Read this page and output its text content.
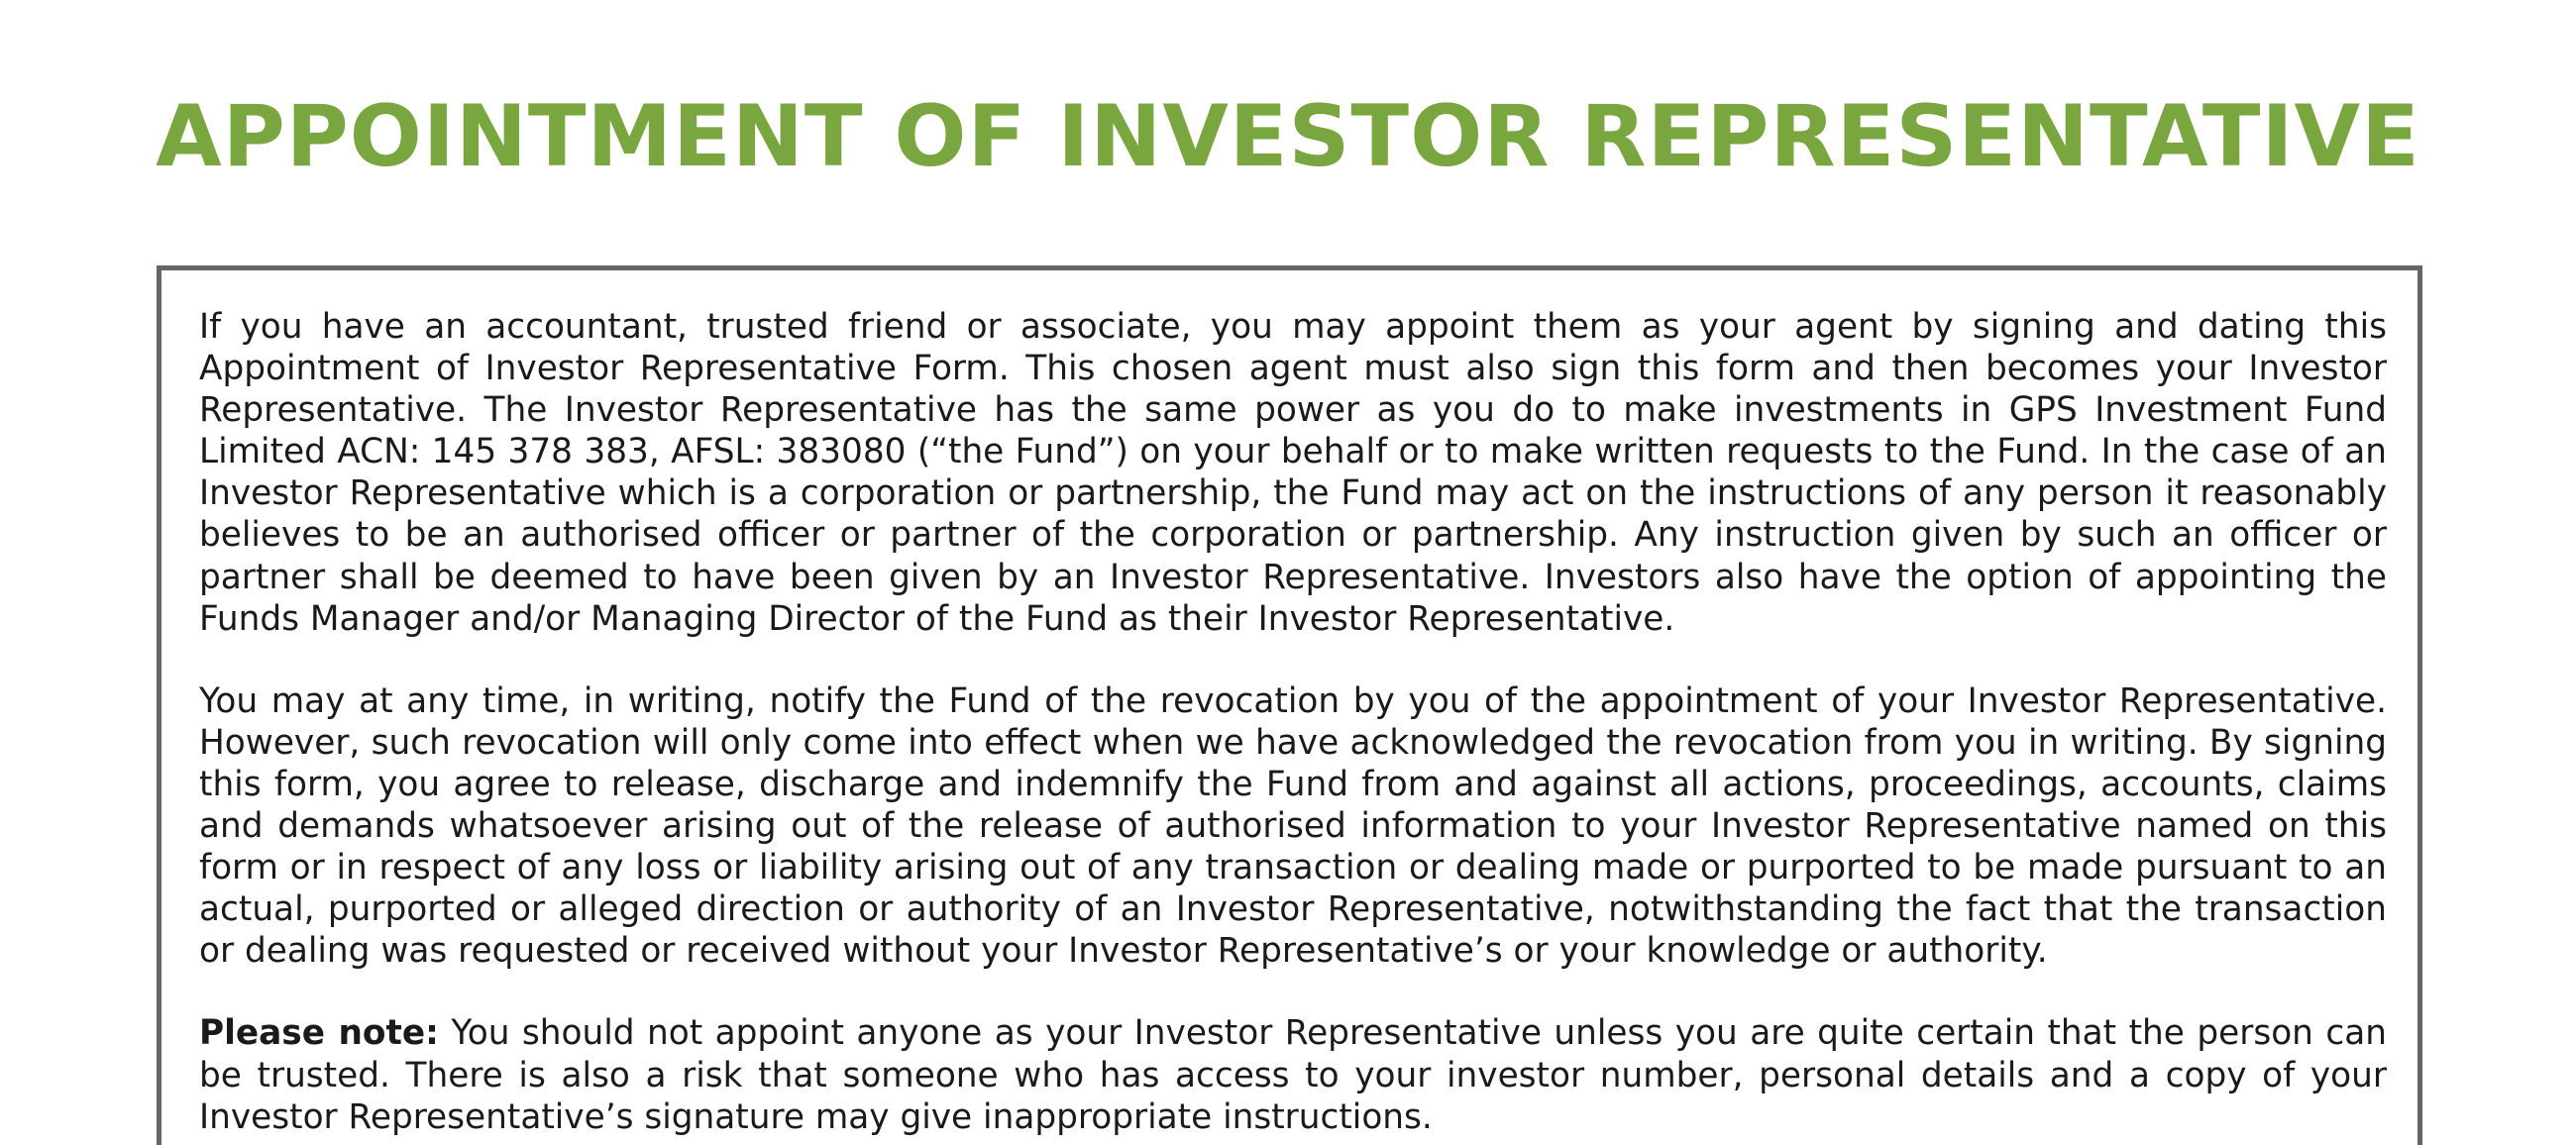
APPOINTMENT OF INVESTOR REPRESENTATIVE

If you have an accountant, trusted friend or associate, you may appoint them as your agent by signing and dating this Appointment of Investor Representative Form. This chosen agent must also sign this form and then becomes your Investor Representative. The Investor Representative has the same power as you do to make investments in GPS Investment Fund Limited ACN: 145 378 383, AFSL: 383080 (“the Fund”) on your behalf or to make written requests to the Fund. In the case of an Investor Representative which is a corporation or partnership, the Fund may act on the instructions of any person it reasonably believes to be an authorised officer or partner of the corporation or partnership. Any instruction given by such an officer or partner shall be deemed to have been given by an Investor Representative. Investors also have the option of appointing the Funds Manager and/or Managing Director of the Fund as their Investor Representative.

You may at any time, in writing, notify the Fund of the revocation by you of the appointment of your Investor Representative. However, such revocation will only come into effect when we have acknowledged the revocation from you in writing. By signing this form, you agree to release, discharge and indemnify the Fund from and against all actions, proceedings, accounts, claims and demands whatsoever arising out of the release of authorised information to your Investor Representative named on this form or in respect of any loss or liability arising out of any transaction or dealing made or purported to be made pursuant to an actual, purported or alleged direction or authority of an Investor Representative, notwithstanding the fact that the transaction or dealing was requested or received without your Investor Representative’s or your knowledge or authority.

Please note: You should not appoint anyone as your Investor Representative unless you are quite certain that the person can be trusted. There is also a risk that someone who has access to your investor number, personal details and a copy of your Investor Representative’s signature may give inappropriate instructions.
